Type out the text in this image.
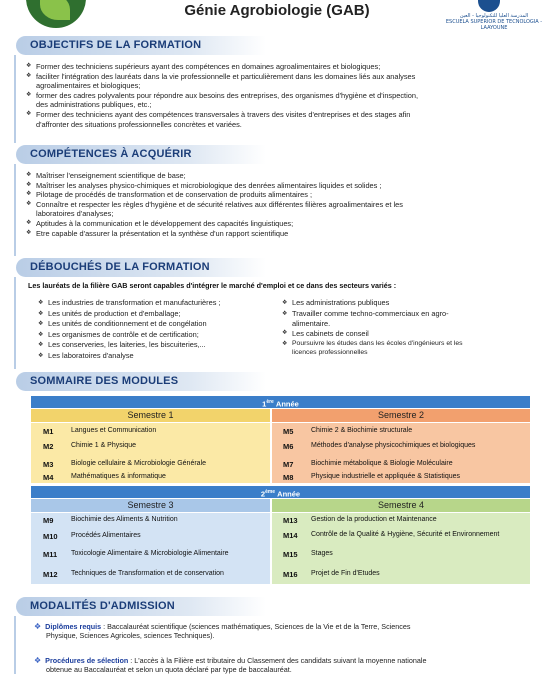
Génie Agrobiologie (GAB)	المدرسة العليا للتكنولوجيا - العين
ESCUELA SUPERIOR DE TECNOLOGIA - LAAYOUNE
OBJECTIFS DE LA FORMATION
❖ Former des techniciens supérieurs ayant des compétences en domaines agroalimentaires et biologiques;
❖ faciliter l'intégration des lauréats dans la vie professionnelle et particulièrement dans les domaines liés aux analyses
agroalimentaires et biologiques;
❖ former des cadres polyvalents pour répondre aux besoins des entreprises, des organismes d'hygiène et d'inspection,
des administrations publiques, etc.;
❖ Former des techniciens ayant des compétences transversales à travers des visites d'entreprises et des stages afin
d'affronter des situations professionnelles concrètes et variées.
COMPÉTENCES À ACQUÉRIR
❖ Maîtriser l'enseignement scientifique de base;
❖ Maîtriser les analyses physico-chimiques et microbiologique des denrées alimentaires liquides et solides ;
❖ Pilotage de procédés de transformation et de conservation de produits alimentaires ;
❖ Connaître et respecter les règles d'hygiène et de sécurité relatives aux différentes filières agroalimentaires et les
laboratoires d'analyses;
❖ Aptitudes à la communication et le développement des capacités linguistiques;
❖ Etre capable d'assurer la présentation et la synthèse d'un rapport scientifique
DÉBOUCHÉS DE LA FORMATION
Les lauréats de la filière GAB seront capables d'intégrer le marché d'emploi et ce dans des secteurs variés :
❖ Les industries de transformation et manufacturières ;
❖ Les unités de production et d'emballage;
❖ Les unités de conditionnement et de congélation
❖ Les organismes de contrôle et de certification;
❖ Les conserveries, les laiteries, les biscuiteries,...
❖ Les laboratoires d'analyse
❖ Les administrations publiques
❖ Travailler comme techno-commerciaux en agro-
alimentaire.
❖ Les cabinets de conseil
❖ Poursuivre les études dans les écoles d'ingénieurs et les
licences professionnelles
SOMMAIRE DES MODULES
1ère Année
Semestre 1	Semestre 2
M1	Langues et Communication
M2	Chimie 1 & Physique
M3	Biologie cellulaire & Microbiologie Générale
M4	Mathématiques & informatique
M5	Chimie 2 & Biochimie structurale
M6	Méthodes d'analyse physicochimiques et biologiques
M7	Biochimie métabolique & Biologie Moléculaire
M8	Physique industrielle et appliquée & Statistiques
2ème Année
Semestre 3	Semestre 4
M9	Biochimie des Aliments & Nutrition
M10	Procédés Alimentaires
M11	Toxicologie Alimentaire & Microbiologie Alimentaire
M12	Techniques de Transformation et de conservation
M13	Gestion de la production et Maintenance
M14	Contrôle de la Qualité & Hygiène, Sécurité et Environnement
M15	Stages
M16	Projet de Fin d'Etudes
MODALITÉS D'ADMISSION
❖ Diplômes requis : Baccalauréat scientifique (sciences mathématiques, Sciences de la Vie et de la Terre, Sciences
Physique, Sciences Agricoles, sciences Techniques).
❖ Procédures de sélection : L'accès à la Filière est tributaire du Classement des candidats suivant la moyenne nationale
obtenue au Baccalauréat et selon un quota déclaré par type de baccalauréat.
